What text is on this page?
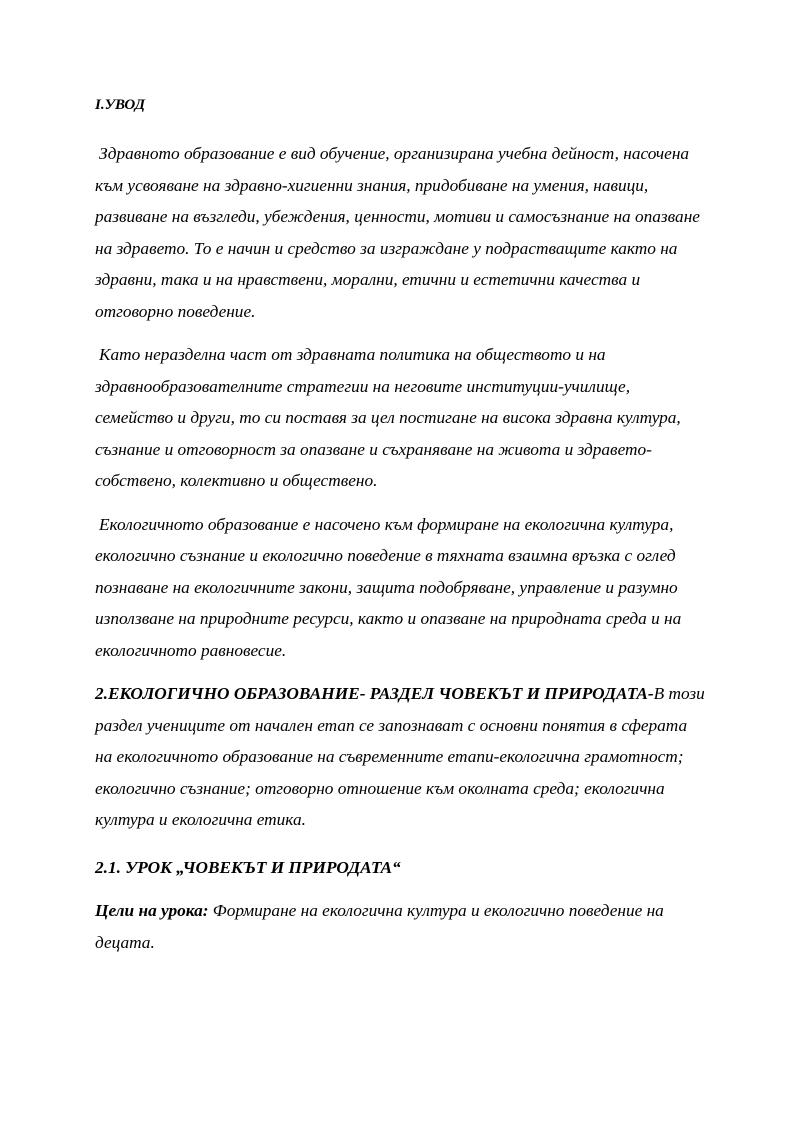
I.УВОД

Здравното образование е вид обучение, организирана учебна дейност, насочена към усвояване на здравно-хигиенни знания, придобиване на умения, навици, развиване на възгледи, убеждения, ценности, мотиви и самосъзнание на опазване на здравето. То е начин и средство за изграждане у подрастващите както на здравни, така и на нравствени, морални, етични и естетични качества и отговорно поведение.

Като неразделна част от здравната политика на обществото и на здравнообразователните стратегии на неговите институции-училище, семейство и други, то си поставя за цел постигане на висока здравна култура, съзнание и отговорност за опазване и съхраняване на живота и здравето-собствено, колективно и обществено.

Екологичното образование е насочено към формиране на екологична култура, екологично съзнание и екологично поведение в тяхната взаимна връзка с оглед познаване на екологичните закони, защита подобряване, управление и разумно използване на природните ресурси, както и опазване на природната среда и на екологичното равновесие.

2.ЕКОЛОГИЧНО ОБРАЗОВАНИЕ- РАЗДЕЛ ЧОВЕКЪТ И ПРИРОДАТА-В този раздел учениците от начален етап се запознават с основни понятия в сферата на екологичното образование на съвременните етапи-екологична грамотност; екологично съзнание; отговорно отношение към околната среда; екологична култура и екологична етика.

2.1. УРОК „ЧОВЕКЪТ И ПРИРОДАТА“

Цели на урока: Формиране на екологична култура и екологично поведение на децата.
